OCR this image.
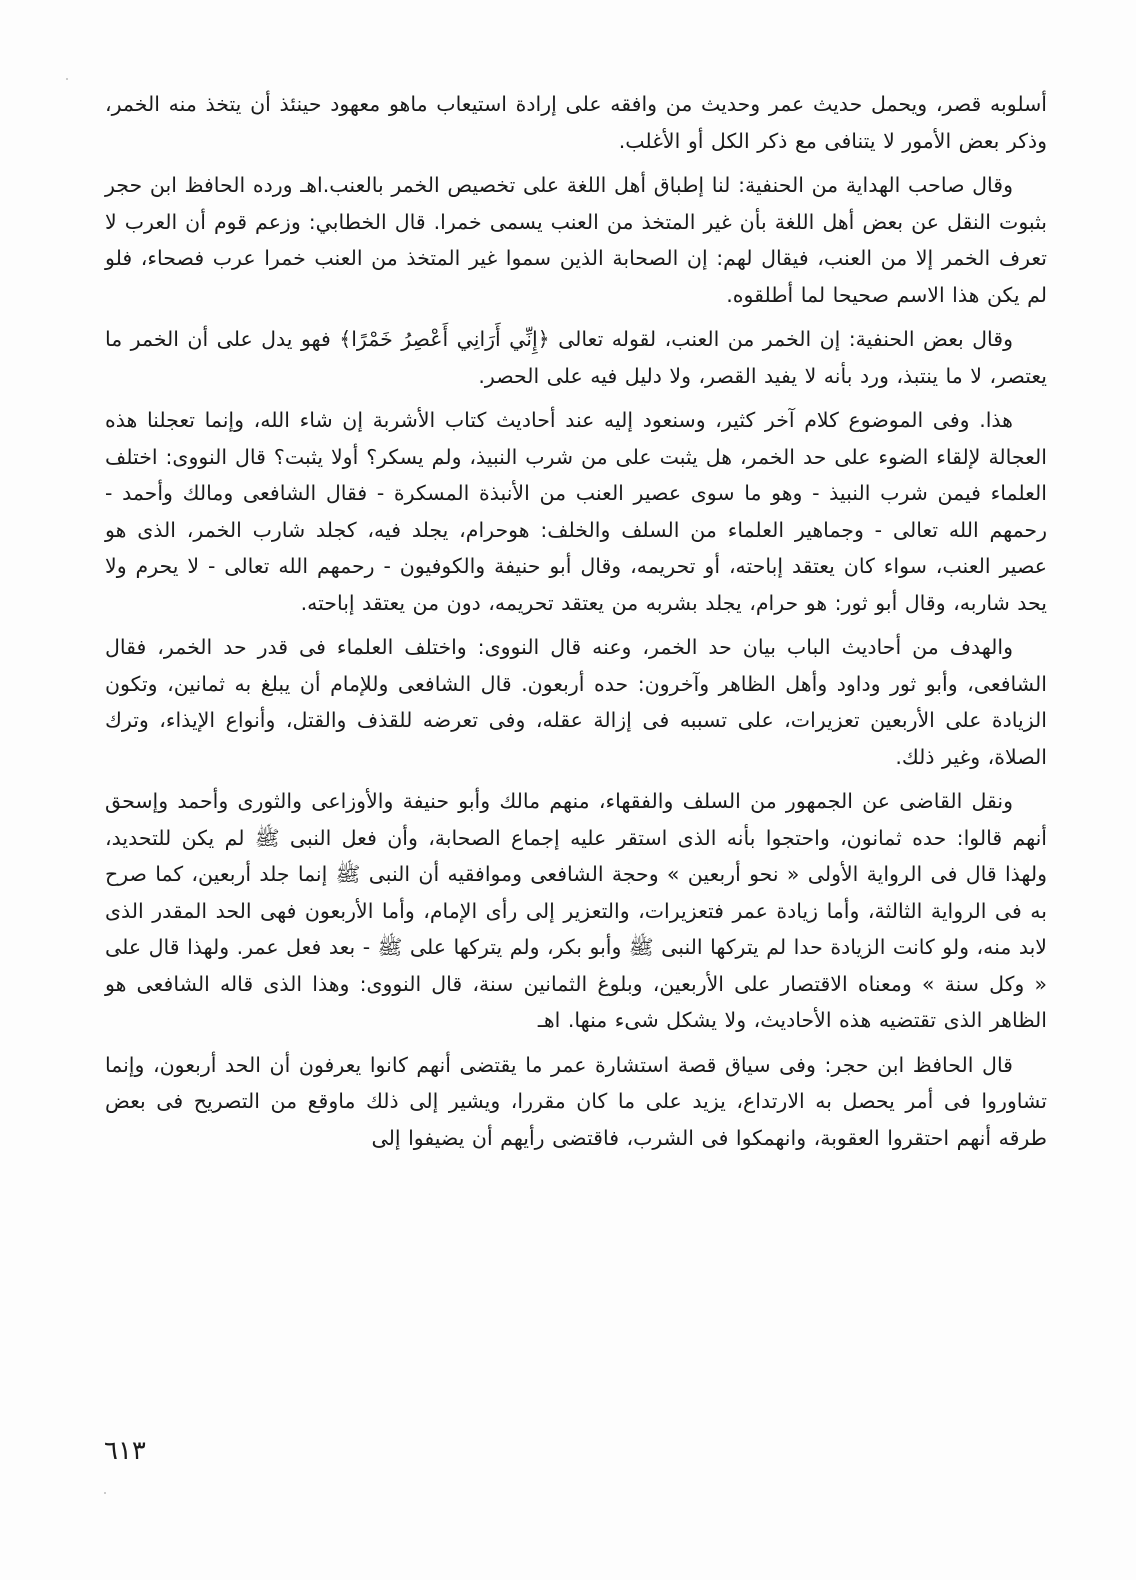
أسلوبه قصر، ويحمل حديث عمر وحديث من وافقه على إرادة استيعاب ماهو معهود حينئذ أن يتخذ منه الخمر، وذكر بعض الأمور لا يتنافى مع ذكر الكل أو الأغلب.

وقال صاحب الهداية من الحنفية: لنا إطباق أهل اللغة على تخصيص الخمر بالعنب.اهـ ورده الحافظ ابن حجر بثبوت النقل عن بعض أهل اللغة بأن غير المتخذ من العنب يسمى خمرا. قال الخطابي: وزعم قوم أن العرب لا تعرف الخمر إلا من العنب، فيقال لهم: إن الصحابة الذين سموا غير المتخذ من العنب خمرا عرب فصحاء، فلو لم يكن هذا الاسم صحيحا لما أطلقوه.

وقال بعض الحنفية: إن الخمر من العنب، لقوله تعالى ﴿إِنِّي أَرَانِي أَعْصِرُ خَمْرًا﴾ فهو يدل على أن الخمر ما يعتصر، لا ما ينتبذ، ورد بأنه لا يفيد القصر، ولا دليل فيه على الحصر.

هذا. وفى الموضوع كلام آخر كثير، وسنعود إليه عند أحاديث كتاب الأشربة إن شاء الله، وإنما تعجلنا هذه العجالة لإلقاء الضوء على حد الخمر، هل يثبت على من شرب النبيذ، ولم يسكر؟ أولا يثبت؟ قال النووى: اختلف العلماء فيمن شرب النبيذ - وهو ما سوى عصير العنب من الأنبذة المسكرة - فقال الشافعى ومالك وأحمد - رحمهم الله تعالى - وجماهير العلماء من السلف والخلف: هوحرام، يجلد فيه، كجلد شارب الخمر، الذى هو عصير العنب، سواء كان يعتقد إباحته، أو تحريمه، وقال أبو حنيفة والكوفيون - رحمهم الله تعالى - لا يحرم ولا يحد شاربه، وقال أبو ثور: هو حرام، يجلد بشربه من يعتقد تحريمه، دون من يعتقد إباحته.

والهدف من أحاديث الباب بيان حد الخمر، وعنه قال النووى: واختلف العلماء فى قدر حد الخمر، فقال الشافعى، وأبو ثور وداود وأهل الظاهر وآخرون: حده أربعون. قال الشافعى وللإمام أن يبلغ به ثمانين، وتكون الزيادة على الأربعين تعزيرات، على تسببه فى إزالة عقله، وفى تعرضه للقذف والقتل، وأنواع الإيذاء، وترك الصلاة، وغير ذلك.

ونقل القاضى عن الجمهور من السلف والفقهاء، منهم مالك وأبو حنيفة والأوزاعى والثورى وأحمد وإسحق أنهم قالوا: حده ثمانون، واحتجوا بأنه الذى استقر عليه إجماع الصحابة، وأن فعل النبى ﷺ لم يكن للتحديد، ولهذا قال فى الرواية الأولى « نحو أربعين » وحجة الشافعى وموافقيه أن النبى ﷺ إنما جلد أربعين، كما صرح به فى الرواية الثالثة، وأما زيادة عمر فتعزيرات، والتعزير إلى رأى الإمام، وأما الأربعون فهى الحد المقدر الذى لابد منه، ولو كانت الزيادة حدا لم يتركها النبى ﷺ وأبو بكر، ولم يتركها على ﷺ - بعد فعل عمر. ولهذا قال على « وكل سنة » ومعناه الاقتصار على الأربعين، وبلوغ الثمانين سنة، قال النووى: وهذا الذى قاله الشافعى هو الظاهر الذى تقتضيه هذه الأحاديث، ولا يشكل شىء منها. اهـ

قال الحافظ ابن حجر: وفى سياق قصة استشارة عمر ما يقتضى أنهم كانوا يعرفون أن الحد أربعون، وإنما تشاوروا فى أمر يحصل به الارتداع، يزيد على ما كان مقررا، ويشير إلى ذلك ماوقع من التصريح فى بعض طرقه أنهم احتقروا العقوبة، وانهمكوا فى الشرب، فاقتضى رأيهم أن يضيفوا إلى

٦١٣
